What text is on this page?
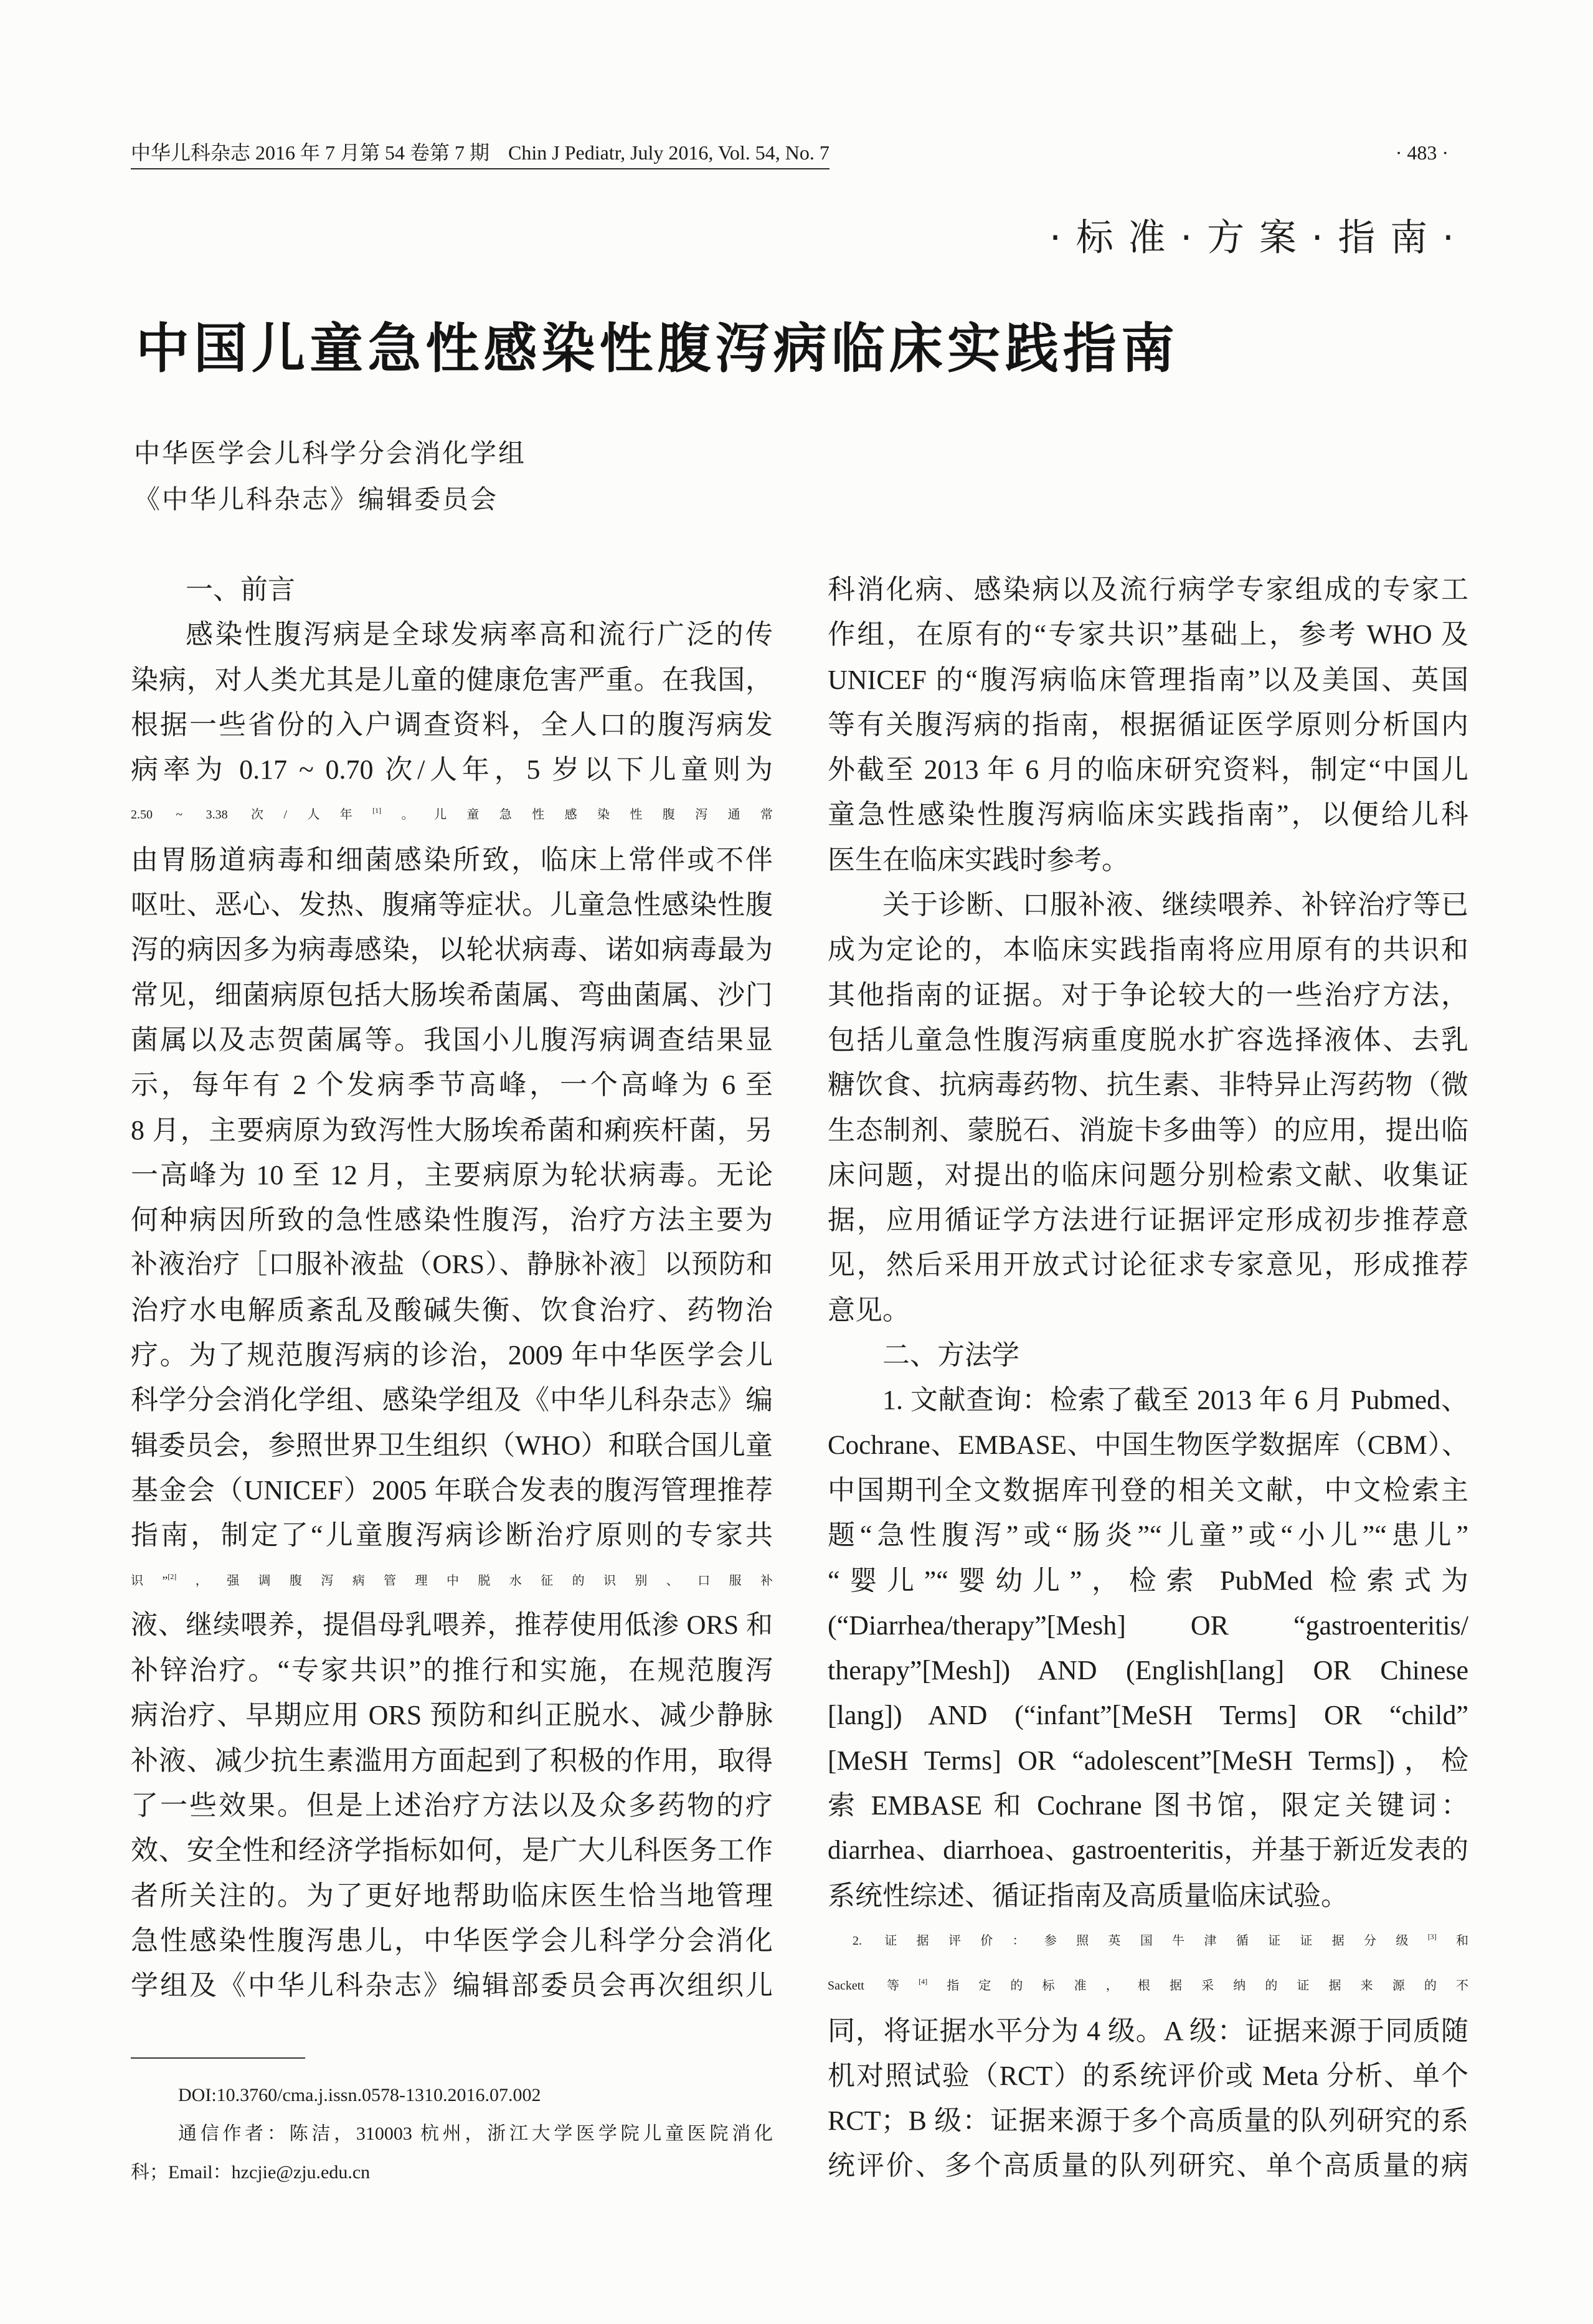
中华儿科杂志 2016 年 7 月第 54 卷第 7 期 Chin J Pediatr, July 2016, Vol. 54, No. 7	· 483 ·
·标准·方案·指南·
中国儿童急性感染性腹泻病临床实践指南
中华医学会儿科学分会消化学组
《中华儿科杂志》编辑委员会
一、前言
感染性腹泻病是全球发病率高和流行广泛的传
染病，对人类尤其是儿童的健康危害严重。在我国，
根据一些省份的入户调查资料，全人口的腹泻病发
病率为 0.17 ~ 0.70 次/人年，5 岁以下儿童则为
2.50 ~ 3.38 次/人年[1]。儿童急性感染性腹泻通常
由胃肠道病毒和细菌感染所致，临床上常伴或不伴
呕吐、恶心、发热、腹痛等症状。儿童急性感染性腹
泻的病因多为病毒感染，以轮状病毒、诺如病毒最为
常见，细菌病原包括大肠埃希菌属、弯曲菌属、沙门
菌属以及志贺菌属等。我国小儿腹泻病调查结果显
示，每年有 2 个发病季节高峰，一个高峰为 6 至
8 月，主要病原为致泻性大肠埃希菌和痢疾杆菌，另
一高峰为 10 至 12 月，主要病原为轮状病毒。无论
何种病因所致的急性感染性腹泻，治疗方法主要为
补液治疗［口服补液盐（ORS）、静脉补液］以预防和
治疗水电解质紊乱及酸碱失衡、饮食治疗、药物治
疗。为了规范腹泻病的诊治，2009 年中华医学会儿
科学分会消化学组、感染学组及《中华儿科杂志》编
辑委员会，参照世界卫生组织（WHO）和联合国儿童
基金会（UNICEF）2005 年联合发表的腹泻管理推荐
指南，制定了“儿童腹泻病诊断治疗原则的专家共
识”[2]，强调腹泻病管理中脱水征的识别、口服补
液、继续喂养，提倡母乳喂养，推荐使用低渗 ORS 和
补锌治疗。“专家共识”的推行和实施，在规范腹泻
病治疗、早期应用 ORS 预防和纠正脱水、减少静脉
补液、减少抗生素滥用方面起到了积极的作用，取得
了一些效果。但是上述治疗方法以及众多药物的疗
效、安全性和经济学指标如何，是广大儿科医务工作
者所关注的。为了更好地帮助临床医生恰当地管理
急性感染性腹泻患儿，中华医学会儿科学分会消化
学组及《中华儿科杂志》编辑部委员会再次组织儿
科消化病、感染病以及流行病学专家组成的专家工
作组，在原有的“专家共识”基础上，参考 WHO 及
UNICEF 的“腹泻病临床管理指南”以及美国、英国
等有关腹泻病的指南，根据循证医学原则分析国内
外截至 2013 年 6 月的临床研究资料，制定“中国儿
童急性感染性腹泻病临床实践指南”，以便给儿科
医生在临床实践时参考。
关于诊断、口服补液、继续喂养、补锌治疗等已
成为定论的，本临床实践指南将应用原有的共识和
其他指南的证据。对于争论较大的一些治疗方法，
包括儿童急性腹泻病重度脱水扩容选择液体、去乳
糖饮食、抗病毒药物、抗生素、非特异止泻药物（微
生态制剂、蒙脱石、消旋卡多曲等）的应用，提出临
床问题，对提出的临床问题分别检索文献、收集证
据，应用循证学方法进行证据评定形成初步推荐意
见，然后采用开放式讨论征求专家意见，形成推荐
意见。
二、方法学
1. 文献查询：检索了截至 2013 年 6 月 Pubmed、
Cochrane、EMBASE、中国生物医学数据库（CBM）、
中国期刊全文数据库刊登的相关文献，中文检索主
题“急性腹泻”或“肠炎”“儿童”或“小儿”“患儿”
“婴儿”“婴幼儿”，检索 PubMed 检索式为
(“Diarrhea/therapy”[Mesh] OR “gastroenteritis/
therapy”[Mesh]) AND (English[lang] OR Chinese
[lang]) AND (“infant”[MeSH Terms] OR “child”
[MeSH Terms] OR “adolescent”[MeSH Terms])，检
索 EMBASE 和 Cochrane 图书馆，限定关键词：
diarrhea、diarrhoea、gastroenteritis，并基于新近发表的
系统性综述、循证指南及高质量临床试验。
2. 证据评价：参照英国牛津循证证据分级[3]和
Sackett 等[4]指定的标准，根据采纳的证据来源的不
同，将证据水平分为 4 级。A 级：证据来源于同质随
机对照试验（RCT）的系统评价或 Meta 分析、单个
RCT；B 级：证据来源于多个高质量的队列研究的系
统评价、多个高质量的队列研究、单个高质量的病
DOI:10.3760/cma.j.issn.0578-1310.2016.07.002
通信作者：陈洁，310003 杭州，浙江大学医学院儿童医院消化
科；Email：hzcjie@zju.edu.cn
